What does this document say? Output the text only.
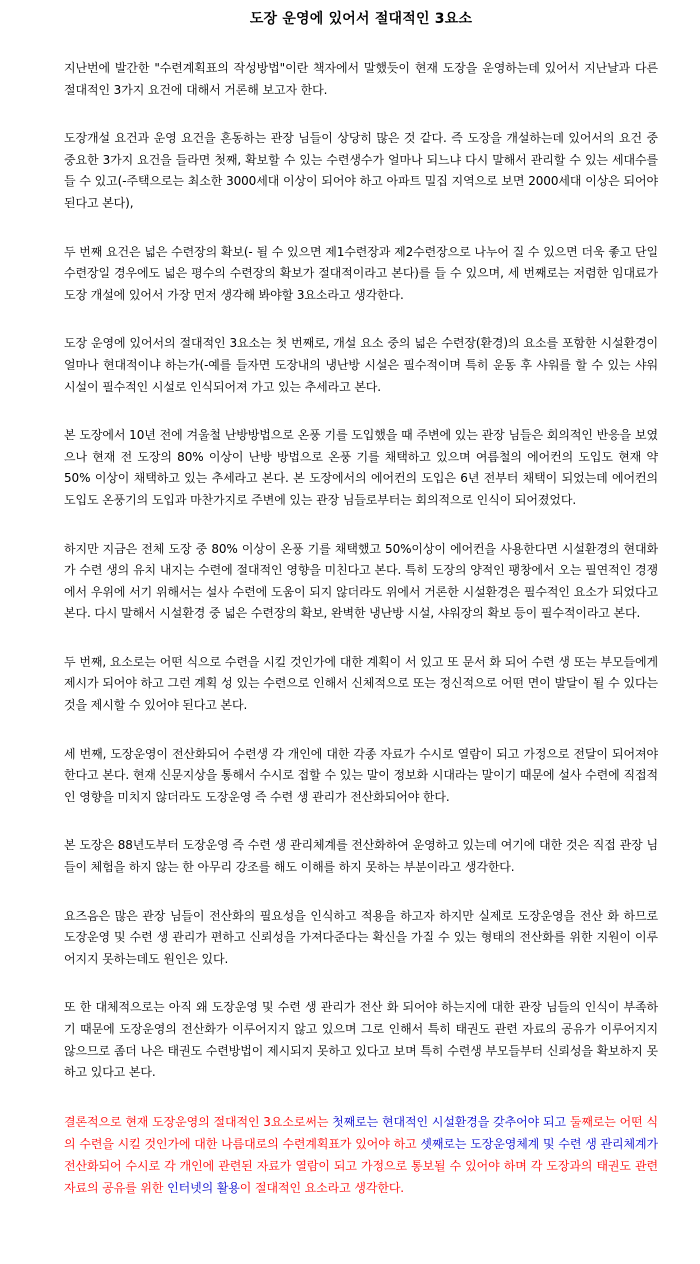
도장 운영에 있어서 절대적인 3요소
지난번에 발간한 "수련계획표의 작성방법"이란 책자에서 말했듯이 현재 도장을 운영하는데 있어서 지난날과 다른 절대적인 3가지 요건에 대해서 거론해 보고자 한다.
도장개설 요건과 운영 요건을 혼동하는 관장 님들이 상당히 많은 것 같다. 즉 도장을 개설하는데 있어서의 요건 중 중요한 3가지 요건을 들라면 첫째, 확보할 수 있는 수련생수가 얼마나 되느냐 다시 말해서 관리할 수 있는 세대수를 들 수 있고(-주택으로는 최소한 3000세대 이상이 되어야 하고 아파트 밀집 지역으로 보면 2000세대 이상은 되어야 된다고 본다),
두 번째 요건은 넓은 수련장의 확보(- 될 수 있으면 제1수련장과 제2수련장으로 나누어 질 수 있으면 더욱 좋고 단일 수련장일 경우에도 넓은 평수의 수련장의 확보가 절대적이라고 본다)를 들 수 있으며, 세 번째로는 저렴한 임대료가 도장 개설에 있어서 가장 먼저 생각해 봐야할 3요소라고 생각한다.
도장 운영에 있어서의 절대적인 3요소는 첫 번째로, 개설 요소 중의 넓은 수련장(환경)의 요소를 포함한 시설환경이 얼마나 현대적이냐 하는가(-예를 들자면 도장내의 냉난방 시설은 필수적이며 특히 운동 후 샤워를 할 수 있는 샤워 시설이 필수적인 시설로 인식되어져 가고 있는 추세라고 본다.
본 도장에서 10년 전에 겨울철 난방방법으로 온풍 기를 도입했을 때 주변에 있는 관장 님들은 회의적인 반응을 보였으나 현재 전 도장의 80% 이상이 난방 방법으로 온풍 기를 채택하고 있으며 여름철의 에어컨의 도입도 현재 약 50% 이상이 채택하고 있는 추세라고 본다. 본 도장에서의 에어컨의 도입은 6년 전부터 채택이 되었는데 에어컨의 도입도 온풍기의 도입과 마찬가지로 주변에 있는 관장 님들로부터는 회의적으로 인식이 되어졌었다.
하지만 지금은 전체 도장 중 80% 이상이 온풍 기를 채택했고 50%이상이 에어컨을 사용한다면 시설환경의 현대화가 수련 생의 유치 내지는 수련에 절대적인 영향을 미친다고 본다. 특히 도장의 양적인 팽창에서 오는 필연적인 경쟁에서 우위에 서기 위해서는 설사 수련에 도움이 되지 않더라도 위에서 거론한 시설환경은 필수적인 요소가 되었다고 본다. 다시 말해서 시설환경 중 넓은 수련장의 확보, 완벽한 냉난방 시설, 샤워장의 확보 등이 필수적이라고 본다.
두 번째, 요소로는 어떤 식으로 수련을 시킬 것인가에 대한 계획이 서 있고 또 문서 화 되어 수련 생 또는 부모들에게 제시가 되어야 하고 그런 계획 성 있는 수련으로 인해서 신체적으로 또는 정신적으로 어떤 면이 발달이 될 수 있다는 것을 제시할 수 있어야 된다고 본다.
세 번째, 도장운영이 전산화되어 수련생 각 개인에 대한 각종 자료가 수시로 열람이 되고 가정으로 전달이 되어져야 한다고 본다. 현재 신문지상을 통해서 수시로 접할 수 있는 말이 정보화 시대라는 말이기 때문에 설사 수련에 직접적인 영향을 미치지 않더라도 도장운영 즉 수련 생 관리가 전산화되어야 한다.
본 도장은 88년도부터 도장운영 즉 수련 생 관리체계를 전산화하여 운영하고 있는데 여기에 대한 것은 직접 관장 님들이 체험을 하지 않는 한 아무리 강조를 해도 이해를 하지 못하는 부분이라고 생각한다.
요즈음은 많은 관장 님들이 전산화의 필요성을 인식하고 적용을 하고자 하지만 실제로 도장운영을 전산 화 하므로 도장운영 및 수련 생 관리가 편하고 신뢰성을 가져다준다는 확신을 가질 수 있는 형태의 전산화를 위한 지원이 이루어지지 못하는데도 원인은 있다.
또 한 대체적으로는 아직 왜 도장운영 및 수련 생 관리가 전산 화 되어야 하는지에 대한 관장 님들의 인식이 부족하기 때문에 도장운영의 전산화가 이루어지지 않고 있으며 그로 인해서 특히 태권도 관련 자료의 공유가 이루어지지 않으므로 좀더 나은 태권도 수련방법이 제시되지 못하고 있다고 보며 특히 수련생 부모들부터 신뢰성을 확보하지 못하고 있다고 본다.
결론적으로 현재 도장운영의 절대적인 3요소로써는 첫째로는 현대적인 시설환경을 갖추어야 되고 둘째로는 어떤 식의 수련을 시킬 것인가에 대한 나름대로의 수련계획표가 있어야 하고 셋째로는 도장운영체계 및 수련 생 관리체계가 전산화되어 수시로 각 개인에 관련된 자료가 열람이 되고 가정으로 통보될 수 있어야 하며 각 도장과의 태권도 관련 자료의 공유를 위한 인터넷의 활용이 절대적인 요소라고 생각한다.
